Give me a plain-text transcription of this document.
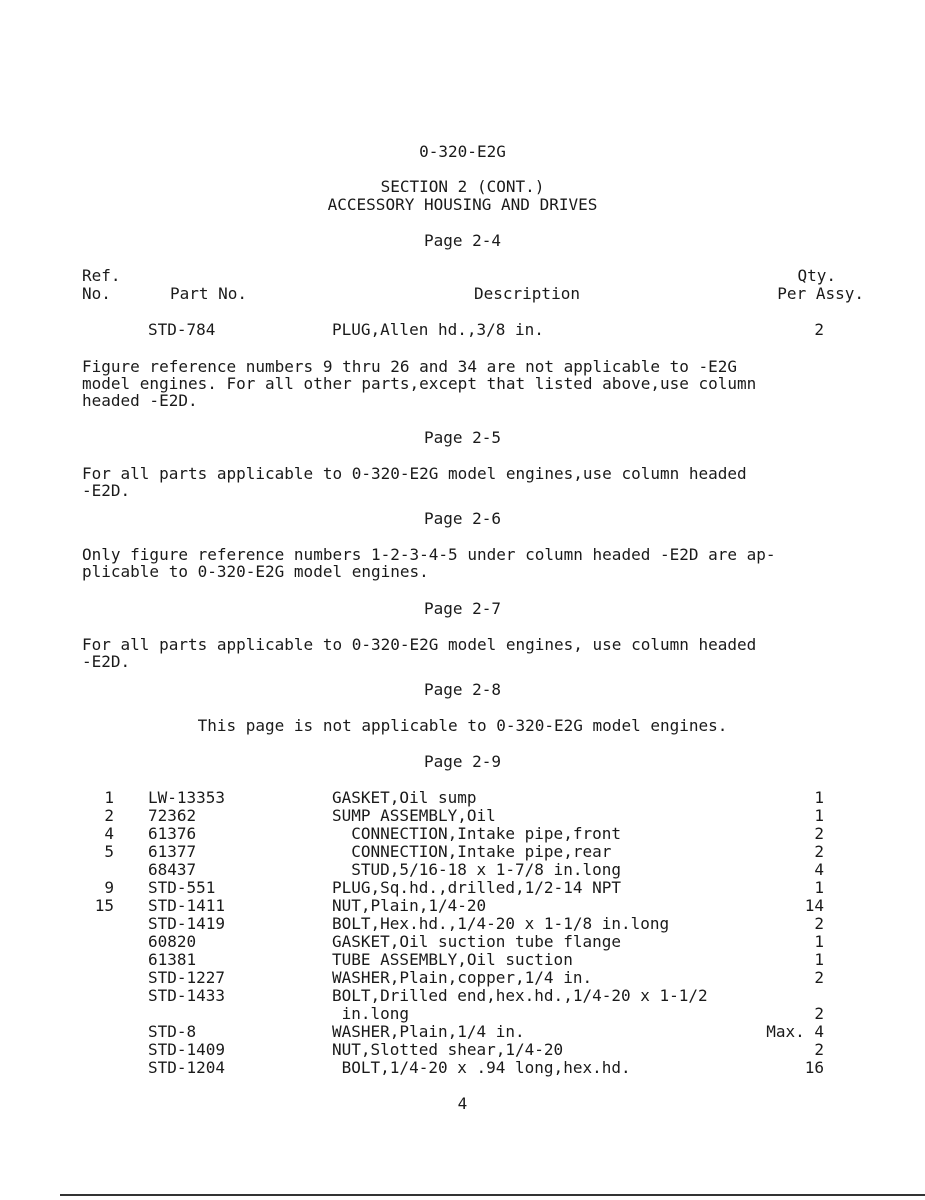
0-320-E2G
SECTION 2 (CONT.)
ACCESSORY HOUSING AND DRIVES
Page 2-4
Ref.
No.	Part No.	Description
Qty.
Per Assy.
STD-784	PLUG,Allen hd.,3/8 in.	2
Figure reference numbers 9 thru 26 and 34 are not applicable to -E2G
model engines. For all other parts,except that listed above,use column
headed -E2D.
Page 2-5
For all parts applicable to 0-320-E2G model engines,use column headed
-E2D.
Page 2-6
Only figure reference numbers 1-2-3-4-5 under column headed -E2D are ap-
plicable to 0-320-E2G model engines.
Page 2-7
For all parts applicable to 0-320-E2G model engines, use column headed
-E2D.
Page 2-8
This page is not applicable to 0-320-E2G model engines.
Page 2-9
1 LW-13353	GASKET,Oil sump	1
2 72362	SUMP ASSEMBLY,Oil	1
4 61376	CONNECTION,Intake pipe,front	2
5 61377	CONNECTION,Intake pipe,rear	2
68437	STUD,5/16-18 x 1-7/8 in.long	4
9 STD-551	PLUG,Sq.hd.,drilled,1/2-14 NPT	1
15 STD-1411	NUT,Plain,1/4-20	14
STD-1419	BOLT,Hex.hd.,1/4-20 x 1-1/8 in.long	2
60820	GASKET,Oil suction tube flange	1
61381	TUBE ASSEMBLY,Oil suction	1
STD-1227	WASHER,Plain,copper,1/4 in.	2
STD-1433	BOLT,Drilled end,hex.hd.,1/4-20 x 1-1/2
in.long	2
STD-8	WASHER,Plain,1/4 in.	Max. 4
STD-1409	NUT,Slotted shear,1/4-20	2
STD-1204	BOLT,1/4-20 x .94 long,hex.hd.	16
4
